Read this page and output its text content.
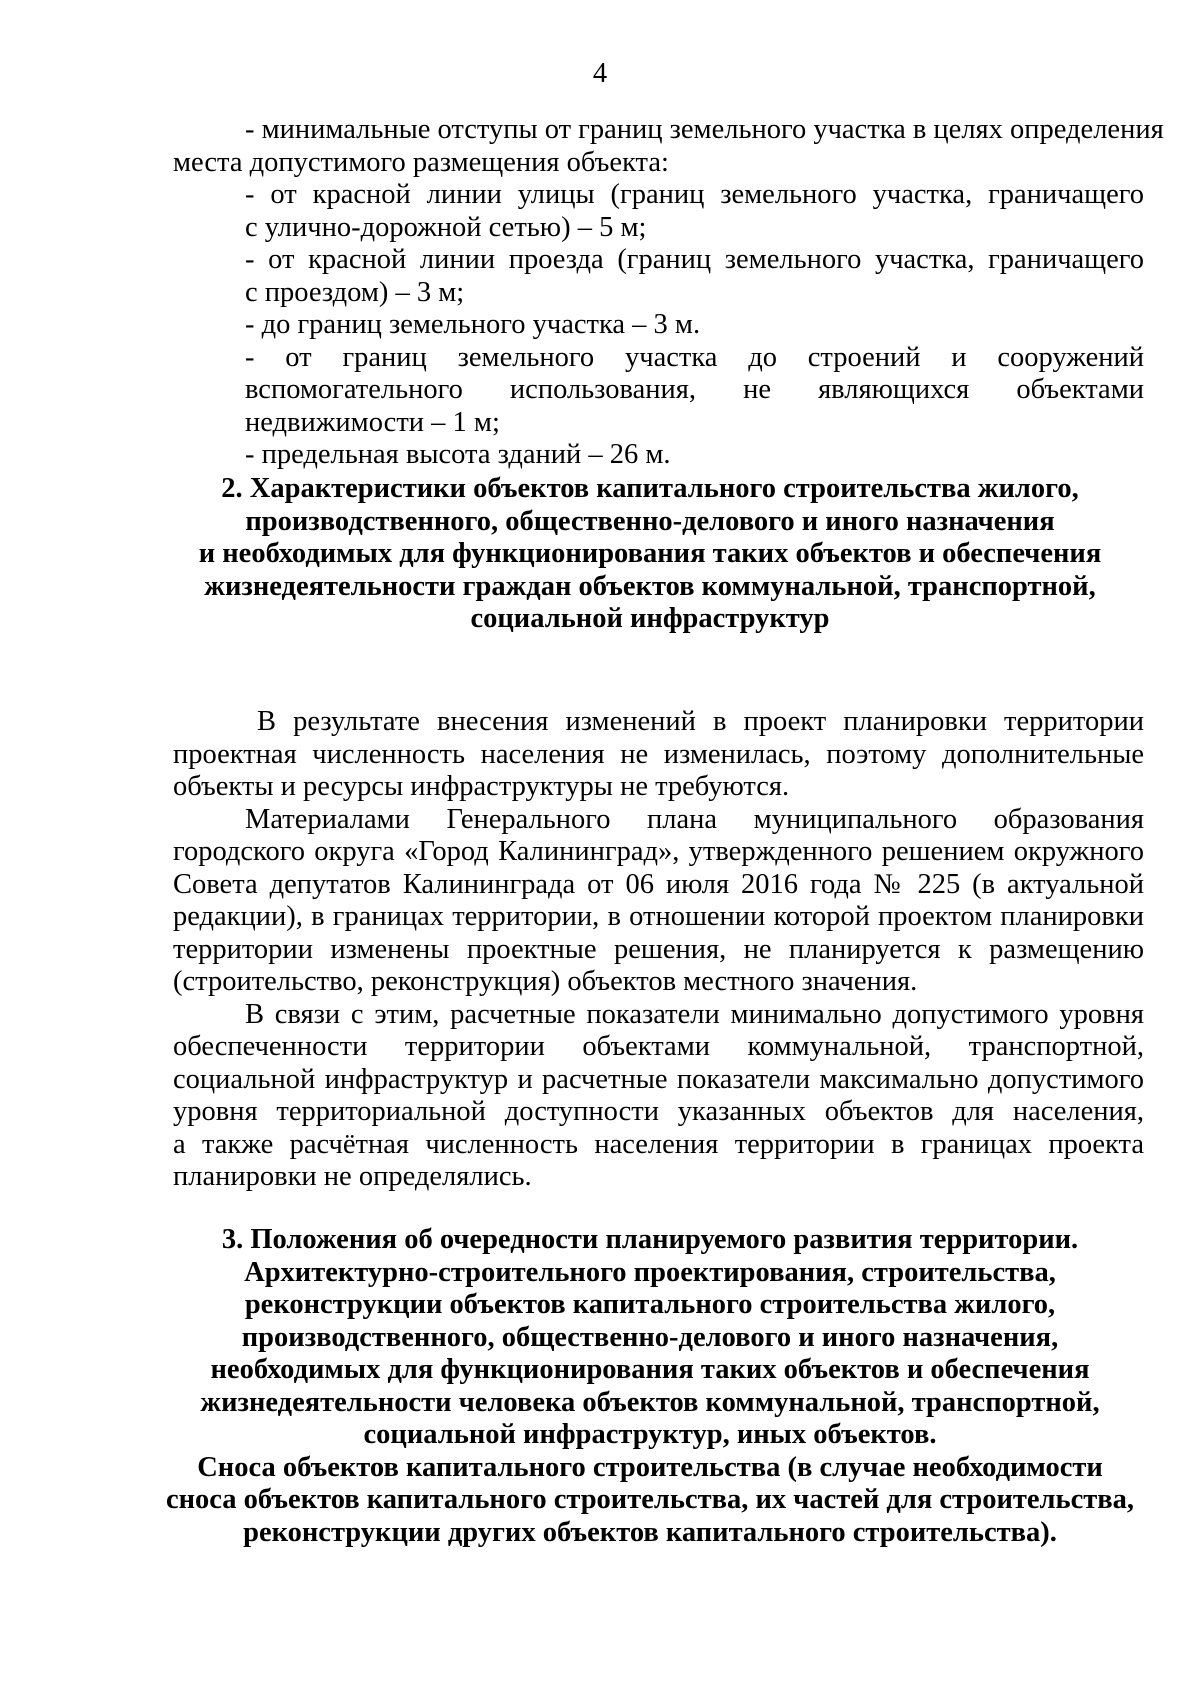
4
- минимальные отступы от границ земельного участка в целях определения
места допустимого размещения объекта:
- от красной линии улицы (границ земельного участка, граничащего
с улично-дорожной сетью) – 5 м;
- от красной линии проезда (границ земельного участка, граничащего
с проездом) – 3 м;
- до границ земельного участка – 3 м.
- от границ земельного участка до строений и сооружений
вспомогательного использования, не являющихся объектами
недвижимости – 1 м;
- предельная высота зданий – 26 м.
2. Характеристики объектов капитального строительства жилого,
производственного, общественно-делового и иного назначения
и необходимых для функционирования таких объектов и обеспечения
жизнедеятельности граждан объектов коммунальной, транспортной,
социальной инфраструктур
В результате внесения изменений в проект планировки территории
проектная численность населения не изменилась, поэтому дополнительные
объекты и ресурсы инфраструктуры не требуются.
Материалами Генерального плана муниципального образования
городского округа «Город Калининград», утвержденного решением окружного
Совета депутатов Калининграда от 06 июля 2016 года № 225 (в актуальной
редакции), в границах территории, в отношении которой проектом планировки
территории изменены проектные решения, не планируется к размещению
(строительство, реконструкция) объектов местного значения.
В связи с этим, расчетные показатели минимально допустимого уровня
обеспеченности территории объектами коммунальной, транспортной,
социальной инфраструктур и расчетные показатели максимально допустимого
уровня территориальной доступности указанных объектов для населения,
а также расчётная численность населения территории в границах проекта
планировки не определялись.
3. Положения об очередности планируемого развития территории.
Архитектурно-строительного проектирования, строительства,
реконструкции объектов капитального строительства жилого,
производственного, общественно-делового и иного назначения,
необходимых для функционирования таких объектов и обеспечения
жизнедеятельности человека объектов коммунальной, транспортной,
социальной инфраструктур, иных объектов.
Сноса объектов капитального строительства (в случае необходимости
сноса объектов капитального строительства, их частей для строительства,
реконструкции других объектов капитального строительства).
